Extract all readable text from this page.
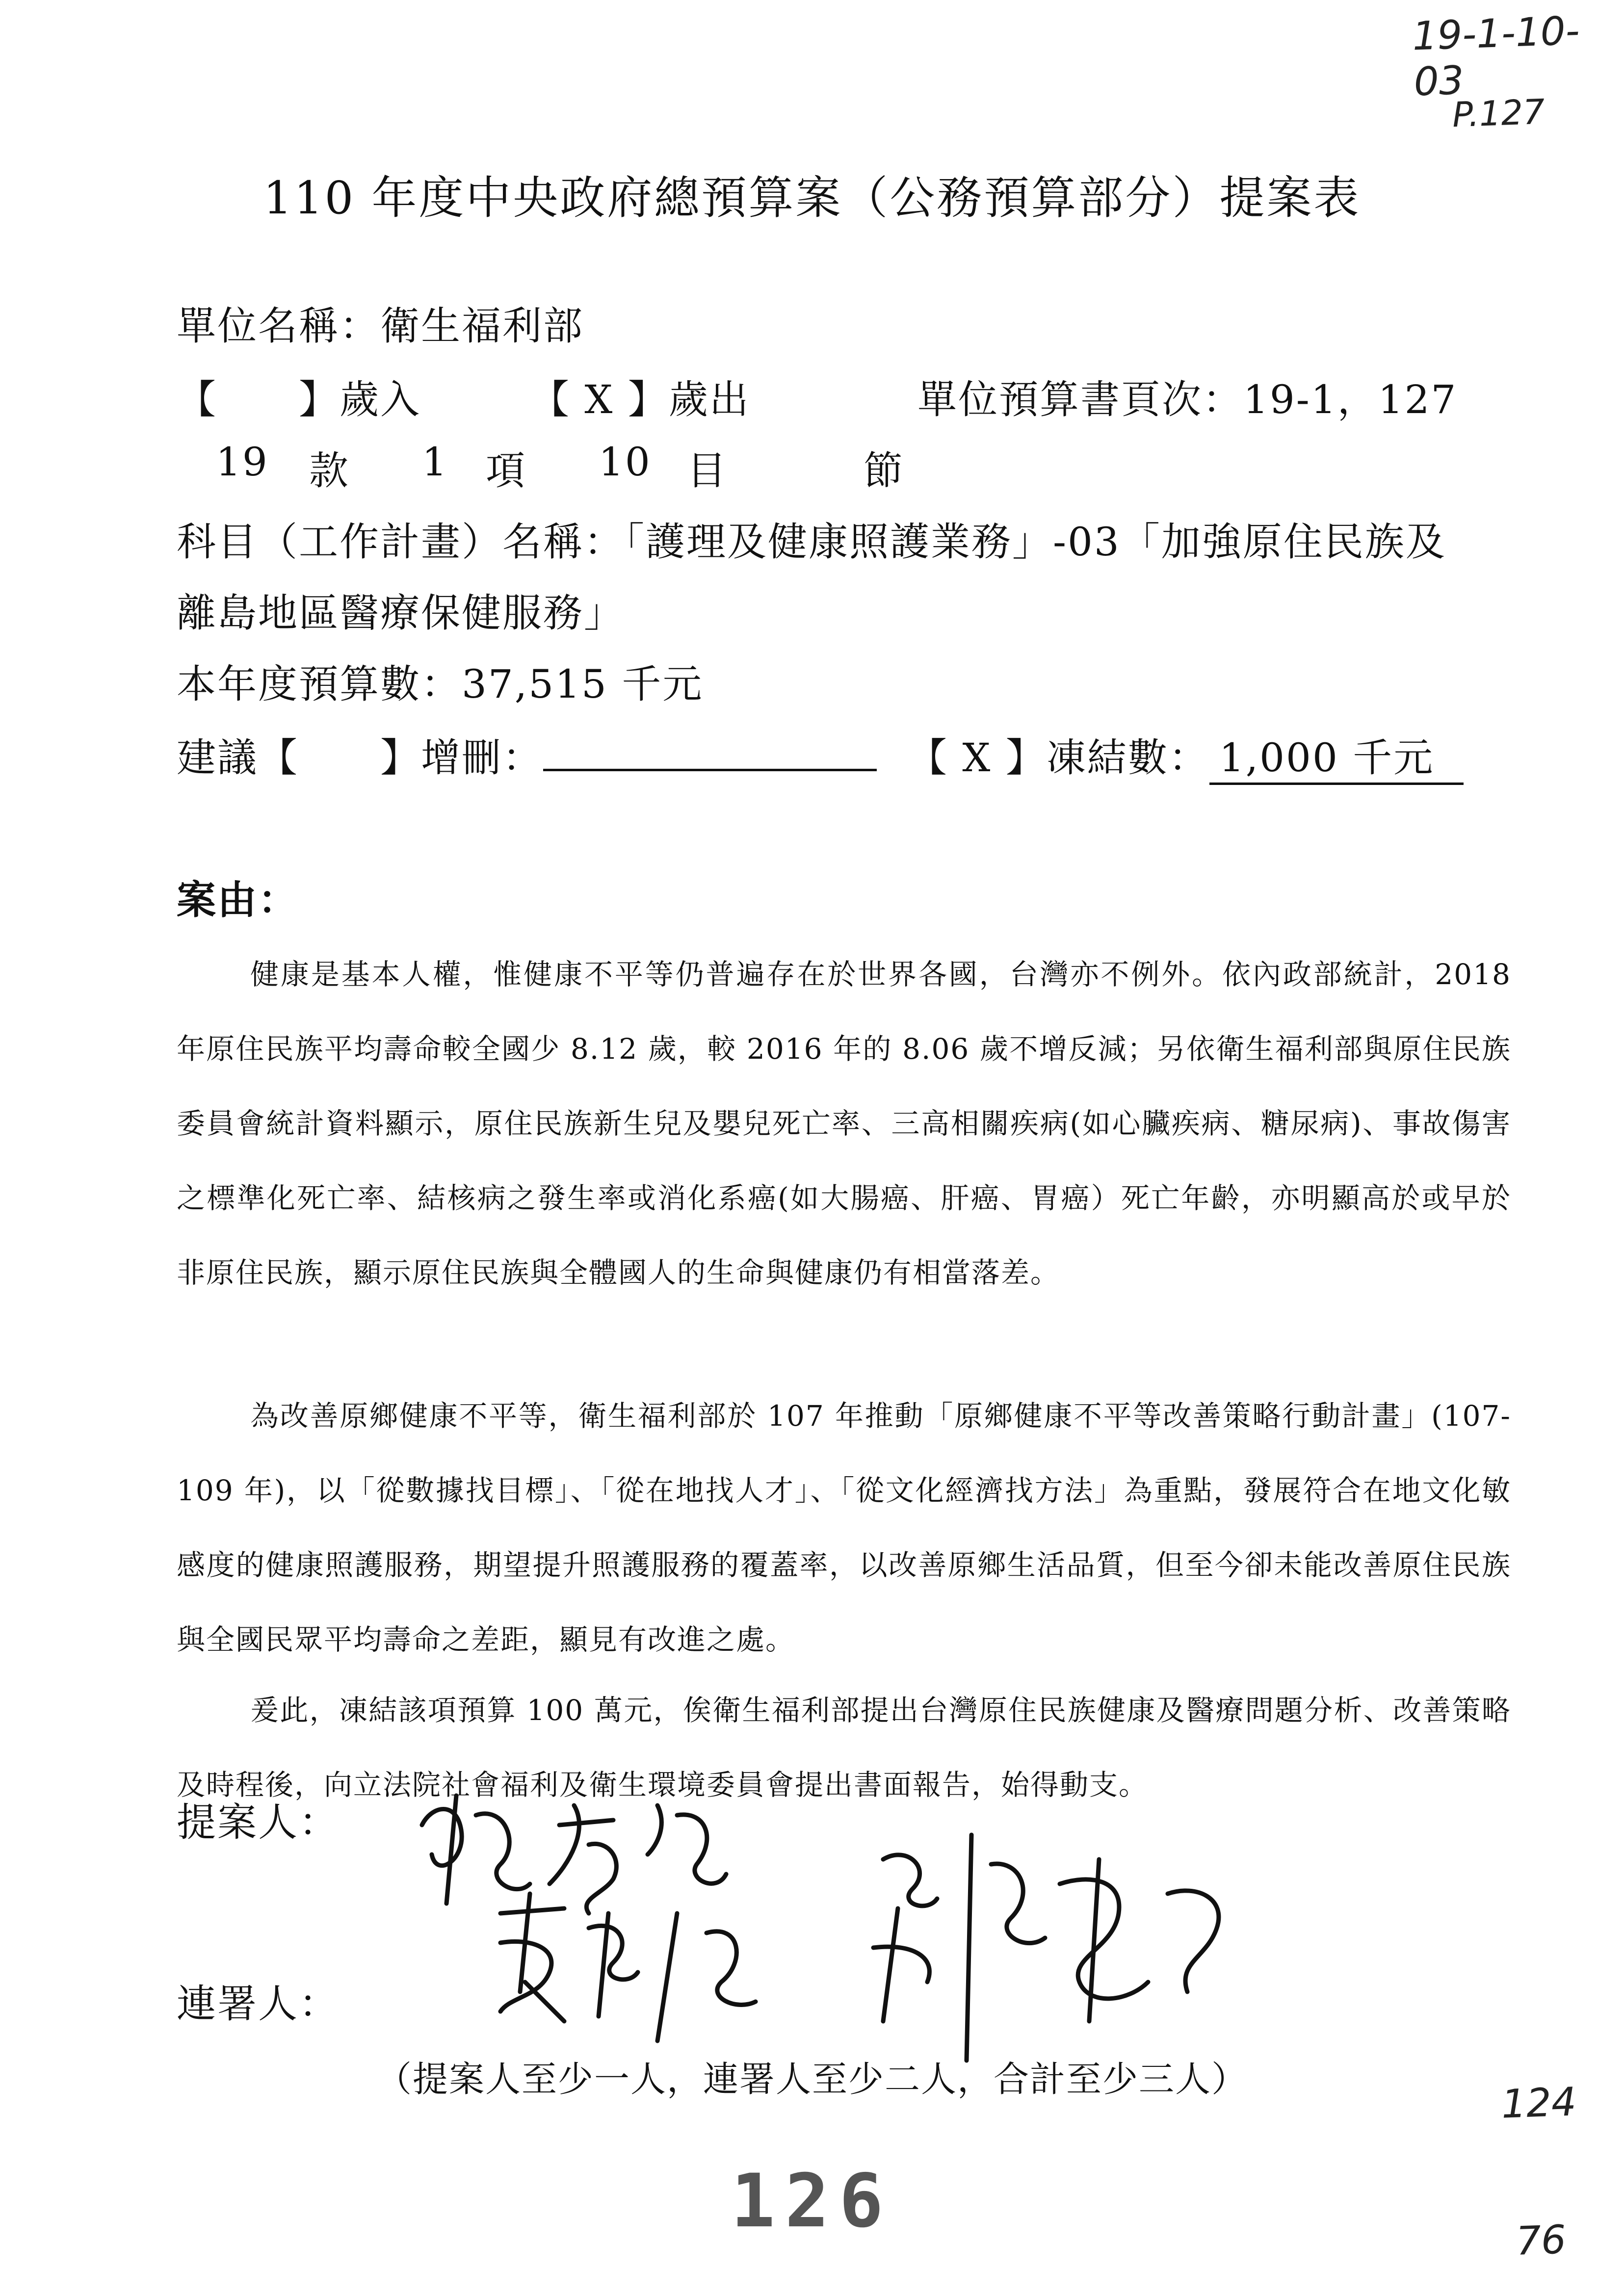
19-1-10-03
P.127
110 年度中央政府總預算案（公務預算部分）提案表
單位名稱：衛生福利部
【　　】歲入	【 X 】歲出	單位預算書頁次：19-1，127
19 款 1 項 10 目	節
科目（工作計畫）名稱：「護理及健康照護業務」-03「加強原住民族及
離島地區醫療保健服務」
本年度預算數：37,515 千元
建議【　　】增刪：	【 X 】凍結數： 1,000 千元
案由：
健康是基本人權，惟健康不平等仍普遍存在於世界各國，台灣亦不例外。依內政部統計，2018 年原住民族平均壽命較全國少 8.12 歲，較 2016 年的 8.06 歲不增反減；另依衛生福利部與原住民族委員會統計資料顯示，原住民族新生兒及嬰兒死亡率、三高相關疾病(如心臟疾病、糖尿病)、事故傷害之標準化死亡率、結核病之發生率或消化系癌(如大腸癌、肝癌、胃癌）死亡年齡，亦明顯高於或早於非原住民族，顯示原住民族與全體國人的生命與健康仍有相當落差。
為改善原鄉健康不平等，衛生福利部於 107 年推動「原鄉健康不平等改善策略行動計畫」(107-109 年)，以「從數據找目標」、「從在地找人才」、「從文化經濟找方法」為重點，發展符合在地文化敏感度的健康照護服務，期望提升照護服務的覆蓋率，以改善原鄉生活品質，但至今卻未能改善原住民族與全國民眾平均壽命之差距，顯見有改進之處。
爰此，凍結該項預算 100 萬元，俟衛生福利部提出台灣原住民族健康及醫療問題分析、改善策略及時程後，向立法院社會福利及衛生環境委員會提出書面報告，始得動支。
提案人：
連署人：
（提案人至少一人，連署人至少二人，合計至少三人）
126
124
76
